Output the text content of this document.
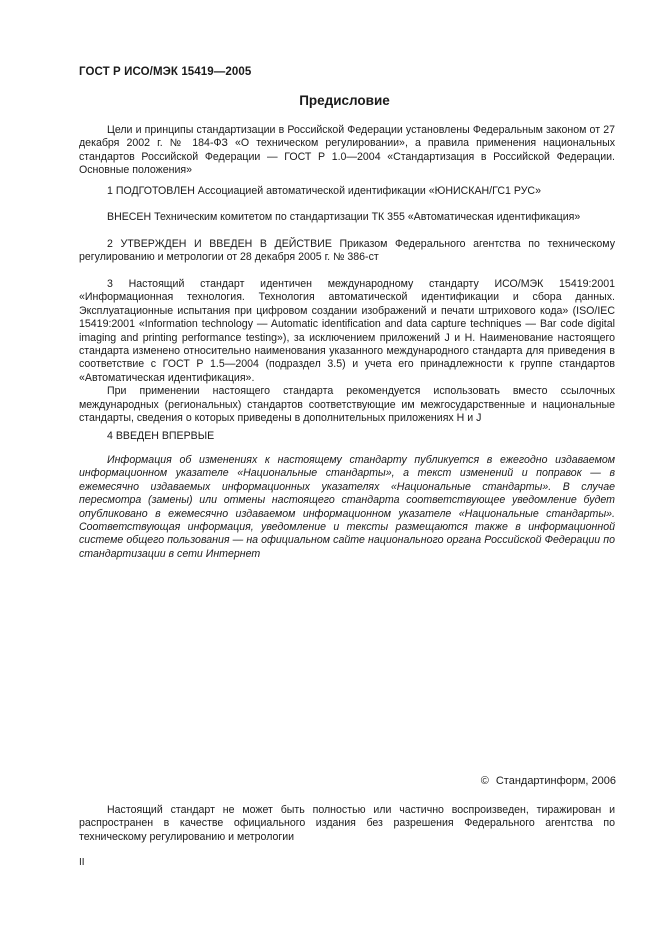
ГОСТ Р ИСО/МЭК 15419—2005
Предисловие

Цели и принципы стандартизации в Российской Федерации установлены Федеральным законом от 27 декабря 2002 г. № 184-ФЗ «О техническом регулировании», а правила применения национальных стандартов Российской Федерации — ГОСТ Р 1.0—2004 «Стандартизация в Российской Федерации. Основные положения»

1 ПОДГОТОВЛЕН Ассоциацией автоматической идентификации «ЮНИСКАН/ГС1 РУС»

ВНЕСЕН Техническим комитетом по стандартизации ТК 355 «Автоматическая идентификация»

2 УТВЕРЖДЕН И ВВЕДЕН В ДЕЙСТВИЕ Приказом Федерального агентства по техническому регулированию и метрологии от 28 декабря 2005 г. № 386-ст

3 Настоящий стандарт идентичен международному стандарту ИСО/МЭК 15419:2001 «Информационная технология. Технология автоматической идентификации и сбора данных. Эксплуатационные испытания при цифровом создании изображений и печати штрихового кода» (ISO/IEC 15419:2001 «Information technology — Automatic identification and data capture techniques — Bar code digital imaging and printing performance testing»), за исключением приложений J и H. Наименование настоящего стандарта изменено относительно наименования указанного международного стандарта для приведения в соответствие с ГОСТ Р 1.5—2004 (подраздел 3.5) и учета его принадлежности к группе стандартов «Автоматическая идентификация».

При применении настоящего стандарта рекомендуется использовать вместо ссылочных международных (региональных) стандартов соответствующие им межгосударственные и национальные стандарты, сведения о которых приведены в дополнительных приложениях H и J

4 ВВЕДЕН ВПЕРВЫЕ

Информация об изменениях к настоящему стандарту публикуется в ежегодно издаваемом информационном указателе «Национальные стандарты», а текст изменений и поправок — в ежемесячно издаваемых информационных указателях «Национальные стандарты». В случае пересмотра (замены) или отмены настоящего стандарта соответствующее уведомление будет опубликовано в ежемесячно издаваемом информационном указателе «Национальные стандарты». Соответствующая информация, уведомление и тексты размещаются также в информационной системе общего пользования — на официальном сайте национального органа Российской Федерации по стандартизации в сети Интернет

© Стандартинформ, 2006

Настоящий стандарт не может быть полностью или частично воспроизведен, тиражирован и распространен в качестве официального издания без разрешения Федерального агентства по техническому регулированию и метрологии

II
